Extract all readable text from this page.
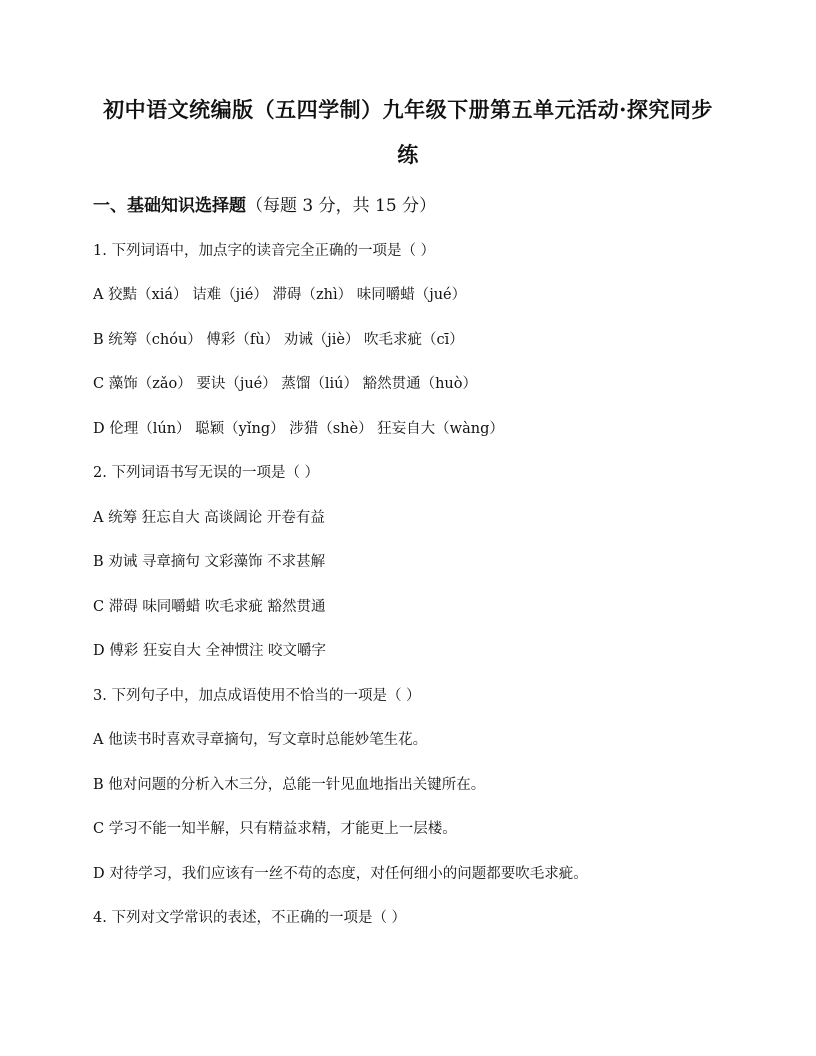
初中语文统编版（五四学制）九年级下册第五单元活动·探究同步
练
一、基础知识选择题（每题 3 分，共 15 分）
1. 下列词语中，加点字的读音完全正确的一项是（ ）
A 狡黠（xiá） 诘难（jié） 滞碍（zhì） 味同嚼蜡（jué）
B 统筹（chóu） 傅彩（fù） 劝诫（jiè） 吹毛求疵（cī）
C 藻饰（zǎo） 要诀（jué） 蒸馏（liú） 豁然贯通（huò）
D 伦理（lún） 聪颖（yǐng） 涉猎（shè） 狂妄自大（wàng）
2. 下列词语书写无误的一项是（ ）
A 统筹 狂忘自大 高谈阔论 开卷有益
B 劝诫 寻章摘句 文彩藻饰 不求甚解
C 滞碍 味同嚼蜡 吹毛求疵 豁然贯通
D 傅彩 狂妄自大 全神惯注 咬文嚼字
3. 下列句子中，加点成语使用不恰当的一项是（ ）
A 他读书时喜欢寻章摘句，写文章时总能妙笔生花。
B 他对问题的分析入木三分，总能一针见血地指出关键所在。
C 学习不能一知半解，只有精益求精，才能更上一层楼。
D 对待学习，我们应该有一丝不苟的态度，对任何细小的问题都要吹毛求疵。
4. 下列对文学常识的表述，不正确的一项是（ ）
